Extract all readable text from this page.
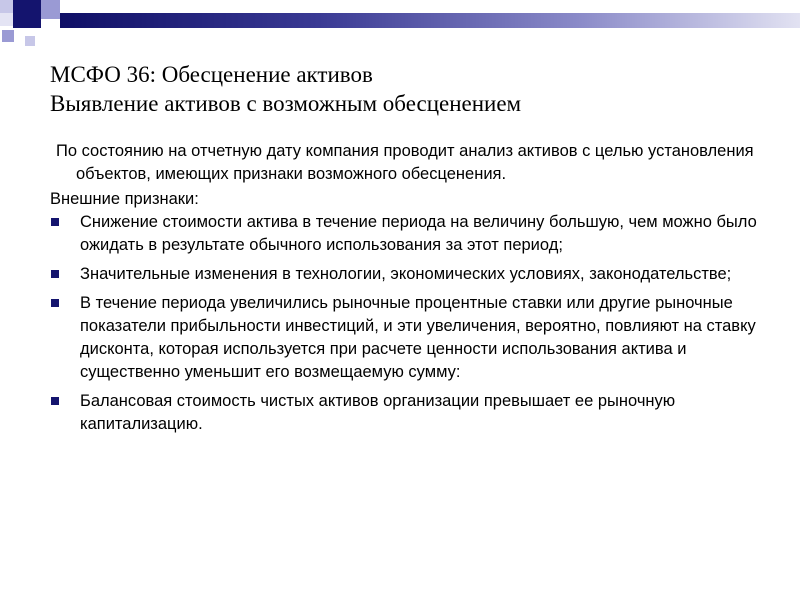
МСФО 36: Обесценение активов
Выявление активов с возможным обесценением

По состоянию на отчетную дату компания проводит анализ активов с целью установления объектов, имеющих признаки возможного обесценения.

Внешние признаки:

Снижение стоимости актива в течение периода на величину большую, чем можно было ожидать в результате обычного использования за этот период;
Значительные изменения в технологии, экономических условиях, законодательстве;
В течение периода увеличились рыночные процентные ставки или другие рыночные показатели прибыльности инвестиций, и эти увеличения, вероятно, повлияют на ставку дисконта, которая используется при расчете ценности использования актива и существенно уменьшит его возмещаемую сумму:
Балансовая стоимость чистых активов организации превышает ее рыночную капитализацию.
